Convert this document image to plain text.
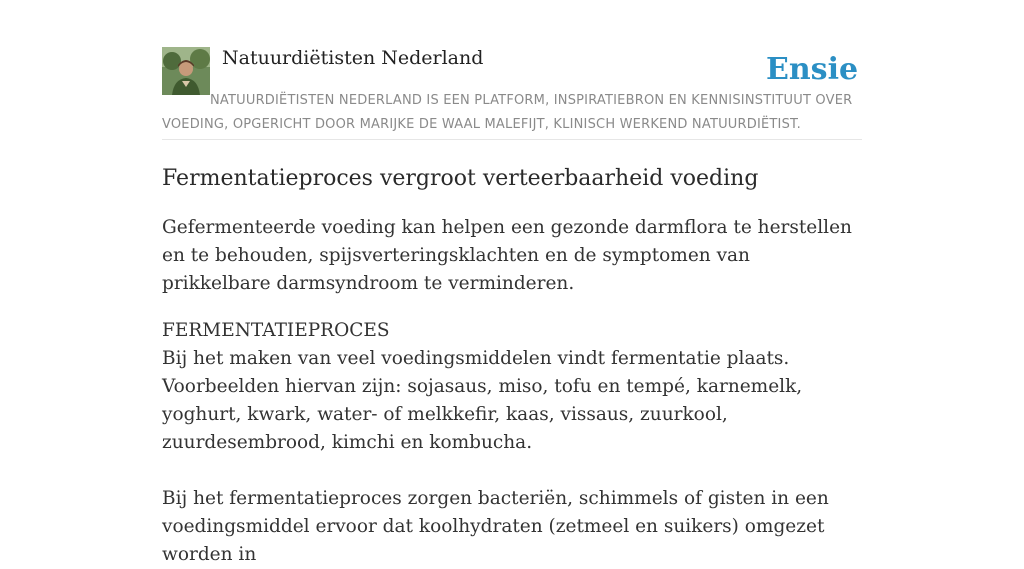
Natuurdiëtisten Nederland	Ensie

NATUURDIËTISTEN NEDERLAND IS EEN PLATFORM, INSPIRATIEBRON EN KENNISINSTITUUT OVER VOEDING, OPGERICHT DOOR MARIJKE DE WAAL MALEFIJT, KLINISCH WERKEND NATUURDIËTIST.

Fermentatieproces vergroot verteerbaarheid voeding

Gefermenteerde voeding kan helpen een gezonde darmflora te herstellen en te behouden, spijsverteringsklachten en de symptomen van prikkelbare darmsyndroom te verminderen.

FERMENTATIEPROCES

Bij het maken van veel voedingsmiddelen vindt fermentatie plaats. Voorbeelden hiervan zijn: sojasaus, miso, tofu en tempé, karnemelk, yoghurt, kwark, water- of melkkefir, kaas, vissaus, zuurkool, zuurdesembrood, kimchi en kombucha.

Bij het fermentatieproces zorgen bacteriën, schimmels of gisten in een voedingsmiddel ervoor dat koolhydraten (zetmeel en suikers) omgezet worden in
